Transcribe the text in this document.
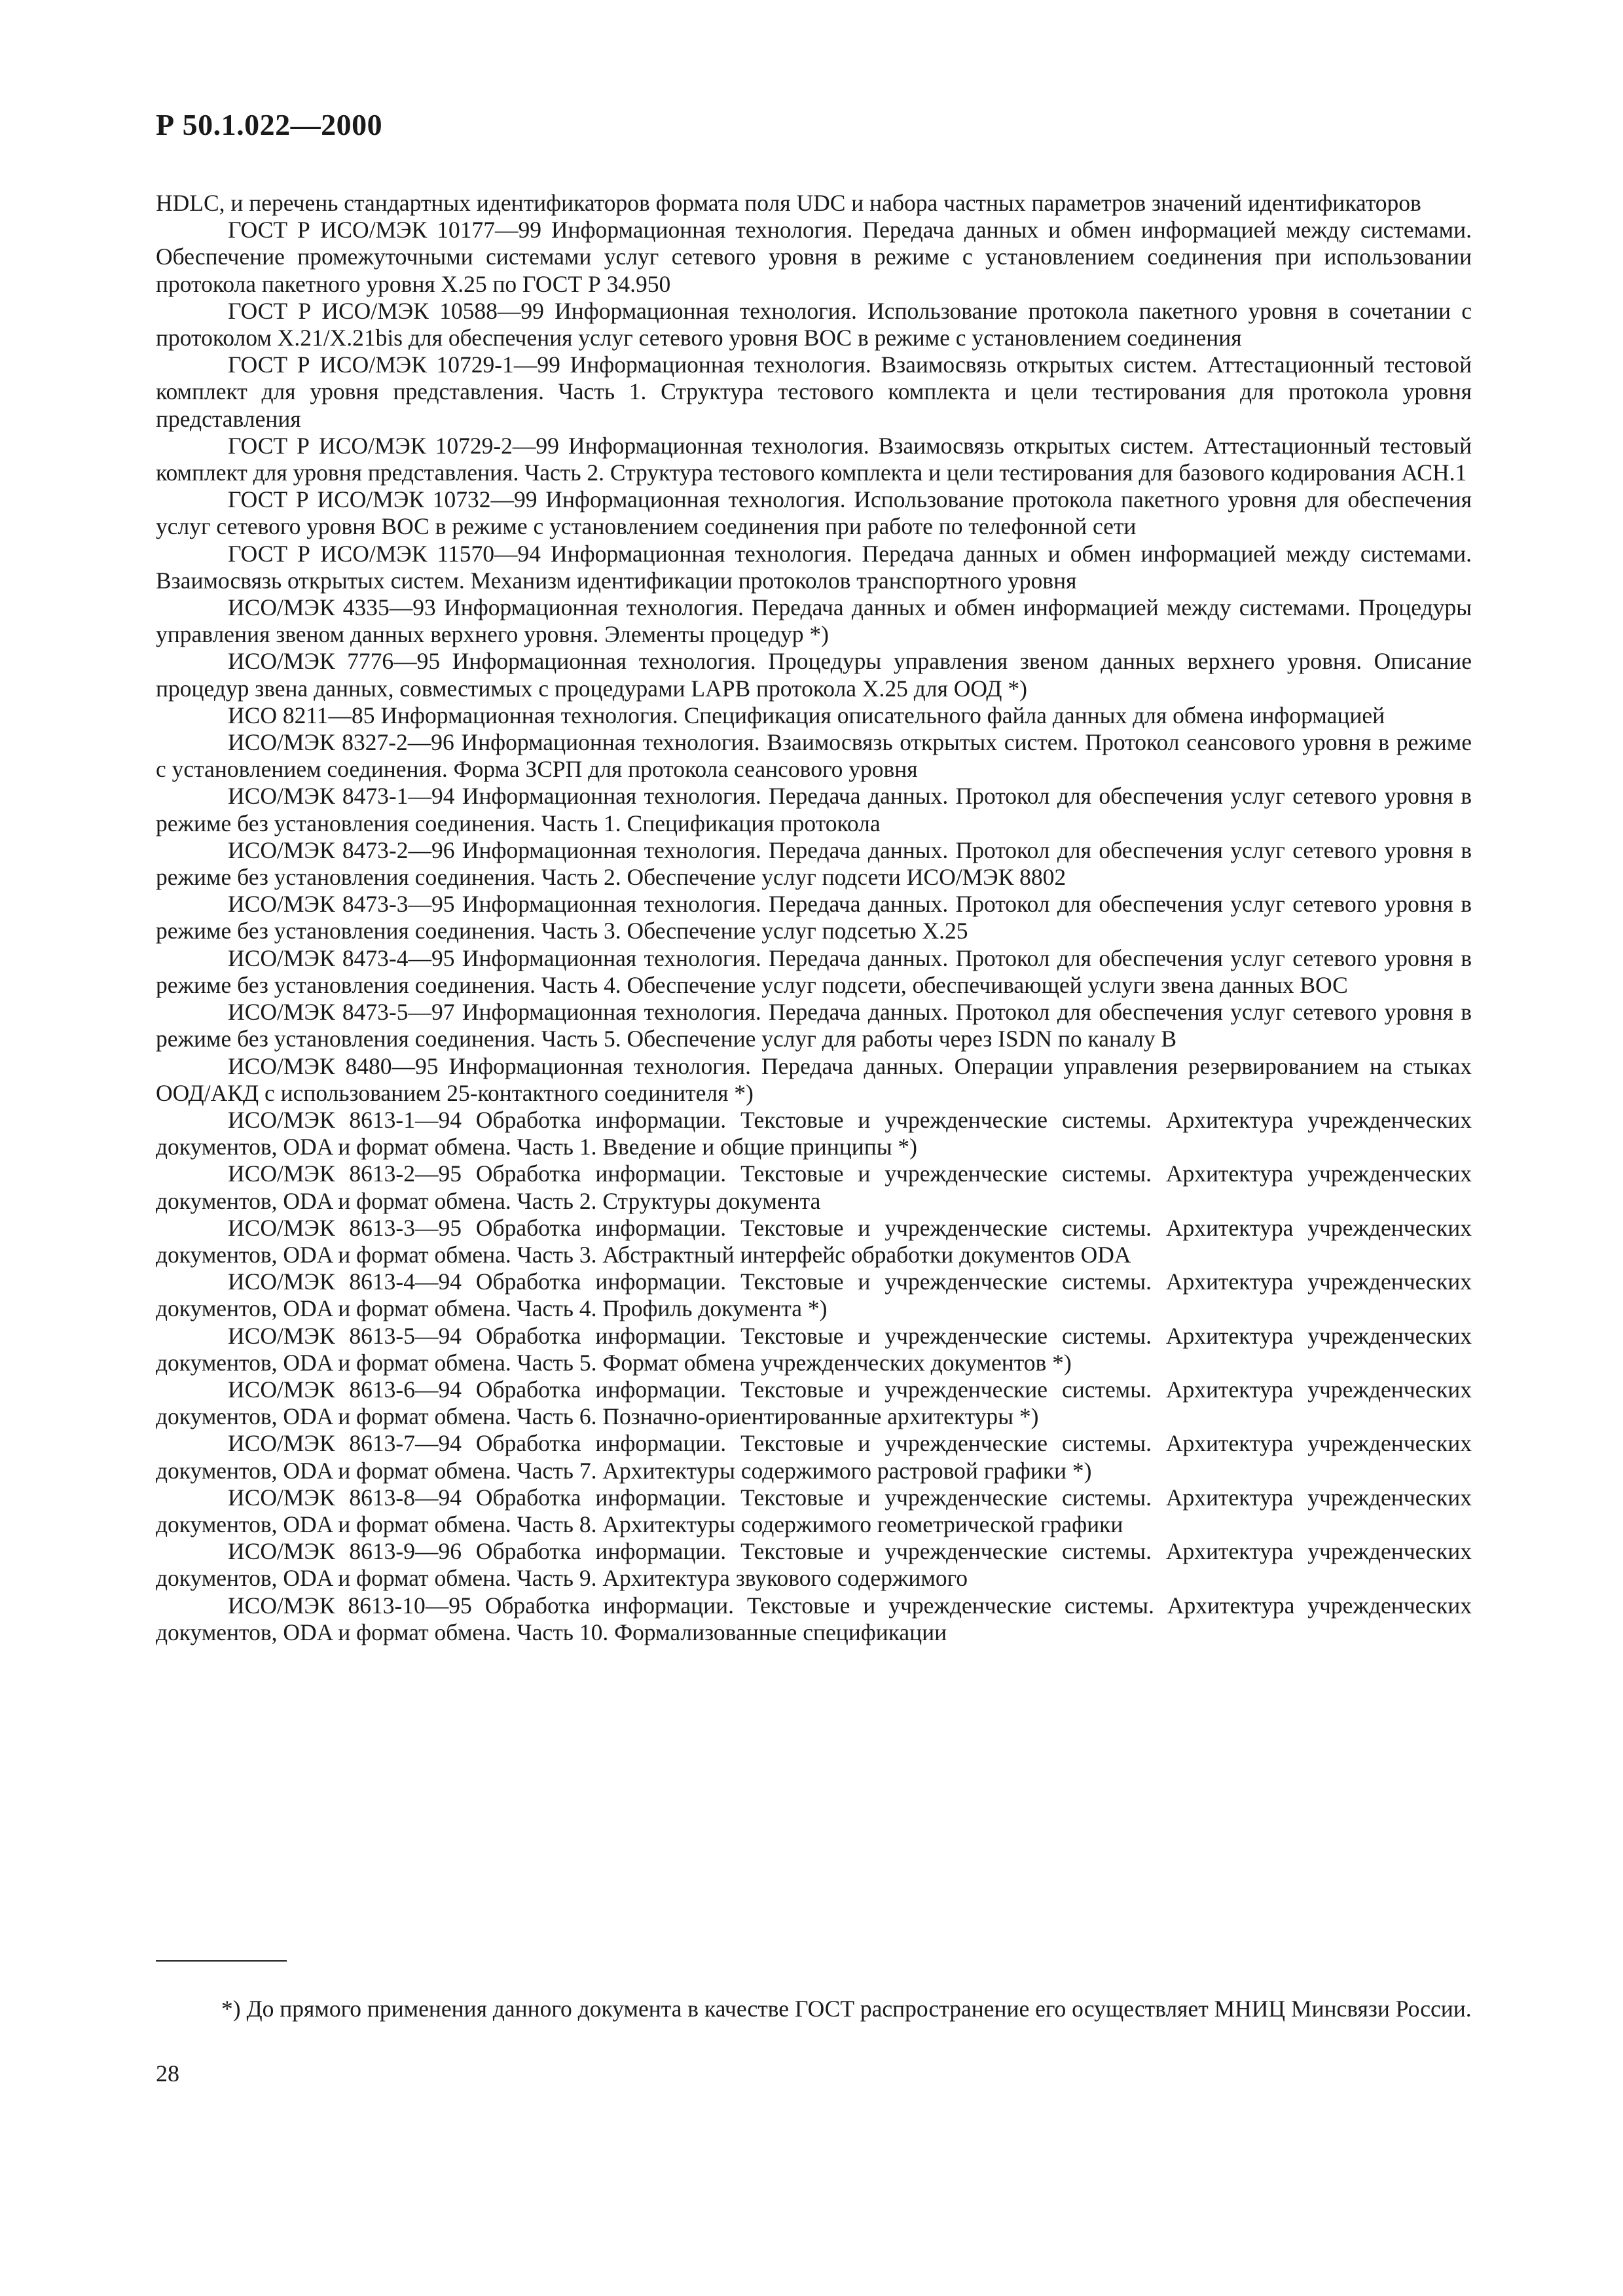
Р 50.1.022—2000

HDLC, и перечень стандартных идентификаторов формата поля UDC и набора частных параметров значений идентификаторов

ГОСТ Р ИСО/МЭК 10177—99 Информационная технология. Передача данных и обмен информацией между системами. Обеспечение промежуточными системами услуг сетевого уровня в режиме с установлением соединения при использовании протокола пакетного уровня X.25 по ГОСТ Р 34.950

ГОСТ Р ИСО/МЭК 10588—99 Информационная технология. Использование протокола пакетного уровня в сочетании с протоколом X.21/X.21bis для обеспечения услуг сетевого уровня ВОС в режиме с установлением соединения

ГОСТ Р ИСО/МЭК 10729-1—99 Информационная технология. Взаимосвязь открытых систем. Аттестационный тестовой комплект для уровня представления. Часть 1. Структура тестового комплекта и цели тестирования для протокола уровня представления

ГОСТ Р ИСО/МЭК 10729-2—99 Информационная технология. Взаимосвязь открытых систем. Аттестационный тестовый комплект для уровня представления. Часть 2. Структура тестового комплекта и цели тестирования для базового кодирования АСН.1

ГОСТ Р ИСО/МЭК 10732—99 Информационная технология. Использование протокола пакетного уровня для обеспечения услуг сетевого уровня ВОС в режиме с установлением соединения при работе по телефонной сети

ГОСТ Р ИСО/МЭК 11570—94 Информационная технология. Передача данных и обмен информацией между системами. Взаимосвязь открытых систем. Механизм идентификации протоколов транспортного уровня

ИСО/МЭК 4335—93 Информационная технология. Передача данных и обмен информацией между системами. Процедуры управления звеном данных верхнего уровня. Элементы процедур *)

ИСО/МЭК 7776—95 Информационная технология. Процедуры управления звеном данных верхнего уровня. Описание процедур звена данных, совместимых с процедурами LAPB протокола X.25 для ООД *)

ИСО 8211—85 Информационная технология. Спецификация описательного файла данных для обмена информацией

ИСО/МЭК 8327-2—96 Информационная технология. Взаимосвязь открытых систем. Протокол сеансового уровня в режиме с установлением соединения. Форма ЗСРП для протокола сеансового уровня

ИСО/МЭК 8473-1—94 Информационная технология. Передача данных. Протокол для обеспечения услуг сетевого уровня в режиме без установления соединения. Часть 1. Спецификация протокола

ИСО/МЭК 8473-2—96 Информационная технология. Передача данных. Протокол для обеспечения услуг сетевого уровня в режиме без установления соединения. Часть 2. Обеспечение услуг подсети ИСО/МЭК 8802

ИСО/МЭК 8473-3—95 Информационная технология. Передача данных. Протокол для обеспечения услуг сетевого уровня в режиме без установления соединения. Часть 3. Обеспечение услуг подсетью X.25

ИСО/МЭК 8473-4—95 Информационная технология. Передача данных. Протокол для обеспечения услуг сетевого уровня в режиме без установления соединения. Часть 4. Обеспечение услуг подсети, обеспечивающей услуги звена данных ВОС

ИСО/МЭК 8473-5—97 Информационная технология. Передача данных. Протокол для обеспечения услуг сетевого уровня в режиме без установления соединения. Часть 5. Обеспечение услуг для работы через ISDN по каналу B

ИСО/МЭК 8480—95 Информационная технология. Передача данных. Операции управления резервированием на стыках ООД/АКД с использованием 25-контактного соединителя *)

ИСО/МЭК 8613-1—94 Обработка информации. Текстовые и учрежденческие системы. Архитектура учрежденческих документов, ODA и формат обмена. Часть 1. Введение и общие принципы *)

ИСО/МЭК 8613-2—95 Обработка информации. Текстовые и учрежденческие системы. Архитектура учрежденческих документов, ODA и формат обмена. Часть 2. Структуры документа

ИСО/МЭК 8613-3—95 Обработка информации. Текстовые и учрежденческие системы. Архитектура учрежденческих документов, ODA и формат обмена. Часть 3. Абстрактный интерфейс обработки документов ODA

ИСО/МЭК 8613-4—94 Обработка информации. Текстовые и учрежденческие системы. Архитектура учрежденческих документов, ODA и формат обмена. Часть 4. Профиль документа *)

ИСО/МЭК 8613-5—94 Обработка информации. Текстовые и учрежденческие системы. Архитектура учрежденческих документов, ODA и формат обмена. Часть 5. Формат обмена учрежденческих документов *)

ИСО/МЭК 8613-6—94 Обработка информации. Текстовые и учрежденческие системы. Архитектура учрежденческих документов, ODA и формат обмена. Часть 6. Позначно-ориентированные архитектуры *)

ИСО/МЭК 8613-7—94 Обработка информации. Текстовые и учрежденческие системы. Архитектура учрежденческих документов, ODA и формат обмена. Часть 7. Архитектуры содержимого растровой графики *)

ИСО/МЭК 8613-8—94 Обработка информации. Текстовые и учрежденческие системы. Архитектура учрежденческих документов, ODA и формат обмена. Часть 8. Архитектуры содержимого геометрической графики

ИСО/МЭК 8613-9—96 Обработка информации. Текстовые и учрежденческие системы. Архитектура учрежденческих документов, ODA и формат обмена. Часть 9. Архитектура звукового содержимого

ИСО/МЭК 8613-10—95 Обработка информации. Текстовые и учрежденческие системы. Архитектура учрежденческих документов, ODA и формат обмена. Часть 10. Формализованные спецификации

*) До прямого применения данного документа в качестве ГОСТ распространение его осуществляет МНИЦ Минсвязи России.

28
